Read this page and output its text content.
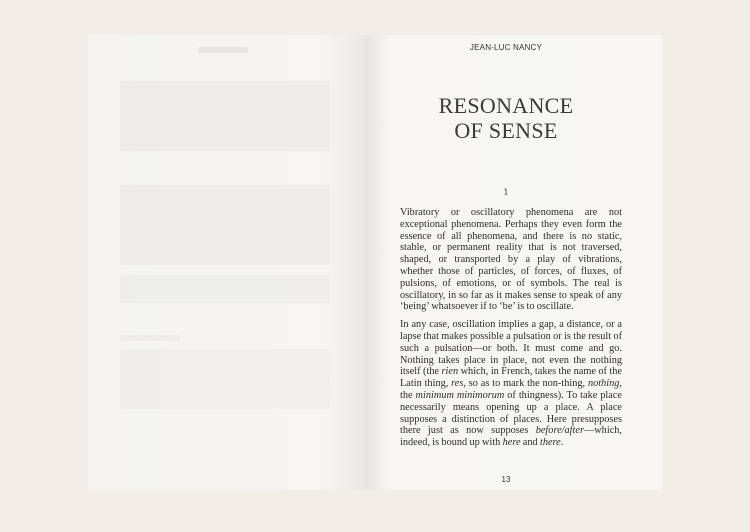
JEAN-LUC NANCY
RESONANCE
OF SENSE
1

Vibratory or oscillatory phenomena are not exceptional phenomena. Perhaps they even form the essence of all phenomena, and there is no static, stable, or permanent reality that is not traversed, shaped, or transported by a play of vibrations, whether those of particles, of forces, of fluxes, of pulsions, of emotions, or of symbols. The real is oscillatory, in so far as it makes sense to speak of any ‘being’ whatsoever if to ‘be’ is to oscillate.

In any case, oscillation implies a gap, a distance, or a lapse that makes possible a pulsation or is the result of such a pulsation—or both. It must come and go. Nothing takes place in place, not even the nothing itself (the rien which, in French, takes the name of the Latin thing, res, so as to mark the non-thing, nothing, the minimum minimorum of thingness). To take place necessarily means opening up a place. A place supposes a distinction of places. Here presupposes there just as now supposes before/after—which, indeed, is bound up with here and there.

13
